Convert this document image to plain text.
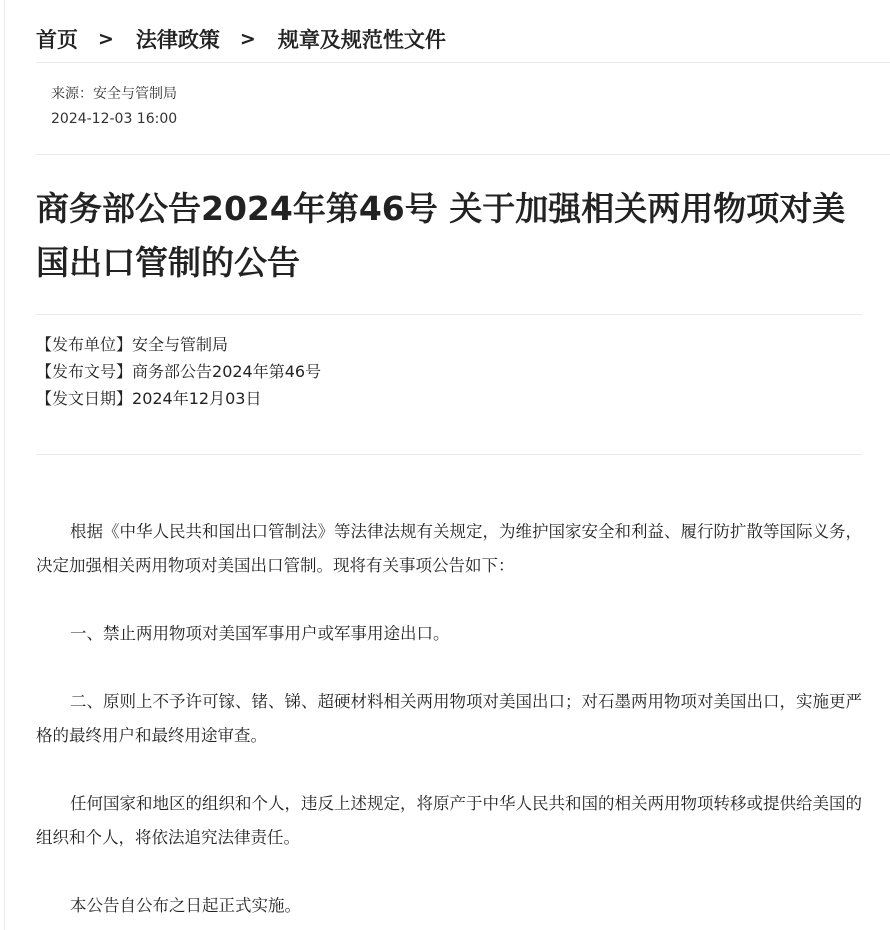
首页 > 法律政策 > 规章及规范性文件
来源：安全与管制局
2024-12-03 16:00
商务部公告2024年第46号 关于加强相关两用物项对美国出口管制的公告
【发布单位】安全与管制局
【发布文号】商务部公告2024年第46号
【发文日期】2024年12月03日

根据《中华人民共和国出口管制法》等法律法规有关规定，为维护国家安全和利益、履行防扩散等国际义务，决定加强相关两用物项对美国出口管制。现将有关事项公告如下：

一、禁止两用物项对美国军事用户或军事用途出口。

二、原则上不予许可镓、锗、锑、超硬材料相关两用物项对美国出口；对石墨两用物项对美国出口，实施更严格的最终用户和最终用途审查。

任何国家和地区的组织和个人，违反上述规定，将原产于中华人民共和国的相关两用物项转移或提供给美国的组织和个人，将依法追究法律责任。

本公告自公布之日起正式实施。
